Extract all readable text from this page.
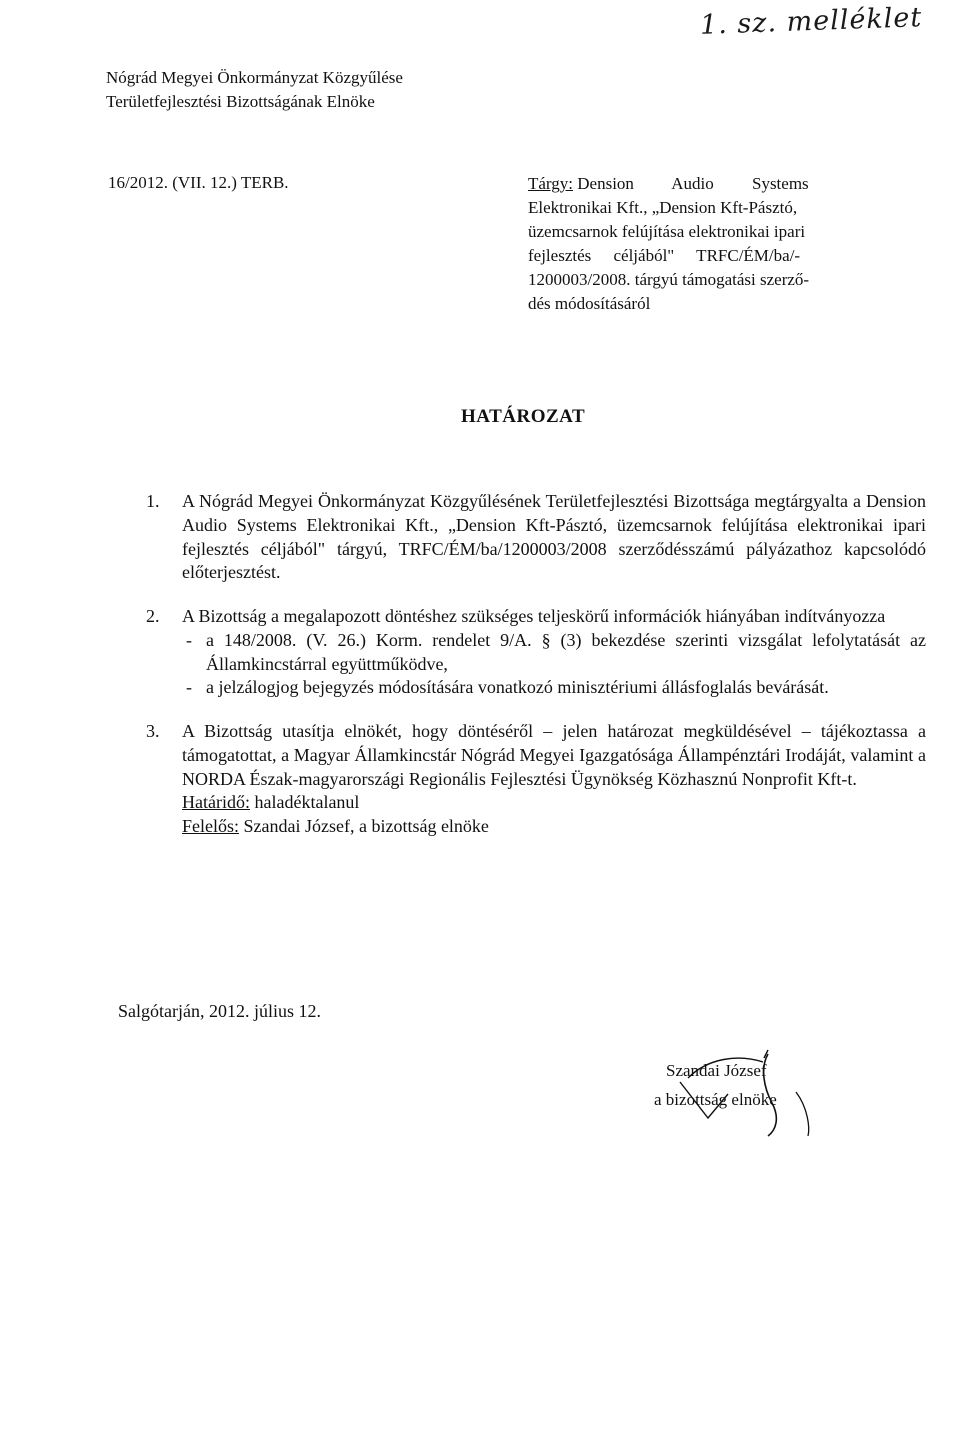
1. sz. melléklet
Nógrád Megyei Önkormányzat Közgyűlése
Területfejlesztési Bizottságának Elnöke
16/2012. (VII. 12.) TERB.	Tárgy: Dension Audio Systems
Elektronikai Kft., „Dension Kft-Pásztó,
üzemcsarnok felújítása elektronikai ipari
fejlesztés céljából" TRFC/ÉM/ba/-
1200003/2008. tárgyú támogatási szerző-
dés módosításáról
HATÁROZAT
1. A Nógrád Megyei Önkormányzat Közgyűlésének Területfejlesztési Bizottsága megtárgyalta a Dension Audio Systems Elektronikai Kft., „Dension Kft-Pásztó, üzemcsarnok felújítása elektronikai ipari fejlesztés céljából" tárgyú, TRFC/ÉM/ba/1200003/2008 szerződésszámú pályázathoz kapcsolódó előterjesztést.

2. A Bizottság a megalapozott döntéshez szükséges teljeskörű információk hiányában indítványozza

- a 148/2008. (V. 26.) Korm. rendelet 9/A. § (3) bekezdése szerinti vizsgálat lefolytatását az Államkincstárral együttműködve,

- a jelzálogjog bejegyzés módosítására vonatkozó minisztériumi állásfoglalás bevárását.

3. A Bizottság utasítja elnökét, hogy döntéséről – jelen határozat megküldésével – tájékoztassa a támogatottat, a Magyar Államkincstár Nógrád Megyei Igazgatósága Állampénztári Irodáját, valamint a NORDA Észak-magyarországi Regionális Fejlesztési Ügynökség Közhasznú Nonprofit Kft-t.

Határidő: haladéktalanul

Felelős: Szandai József, a bizottság elnöke

Salgótarján, 2012. július 12.
Szandai József
a bizottság elnöke
